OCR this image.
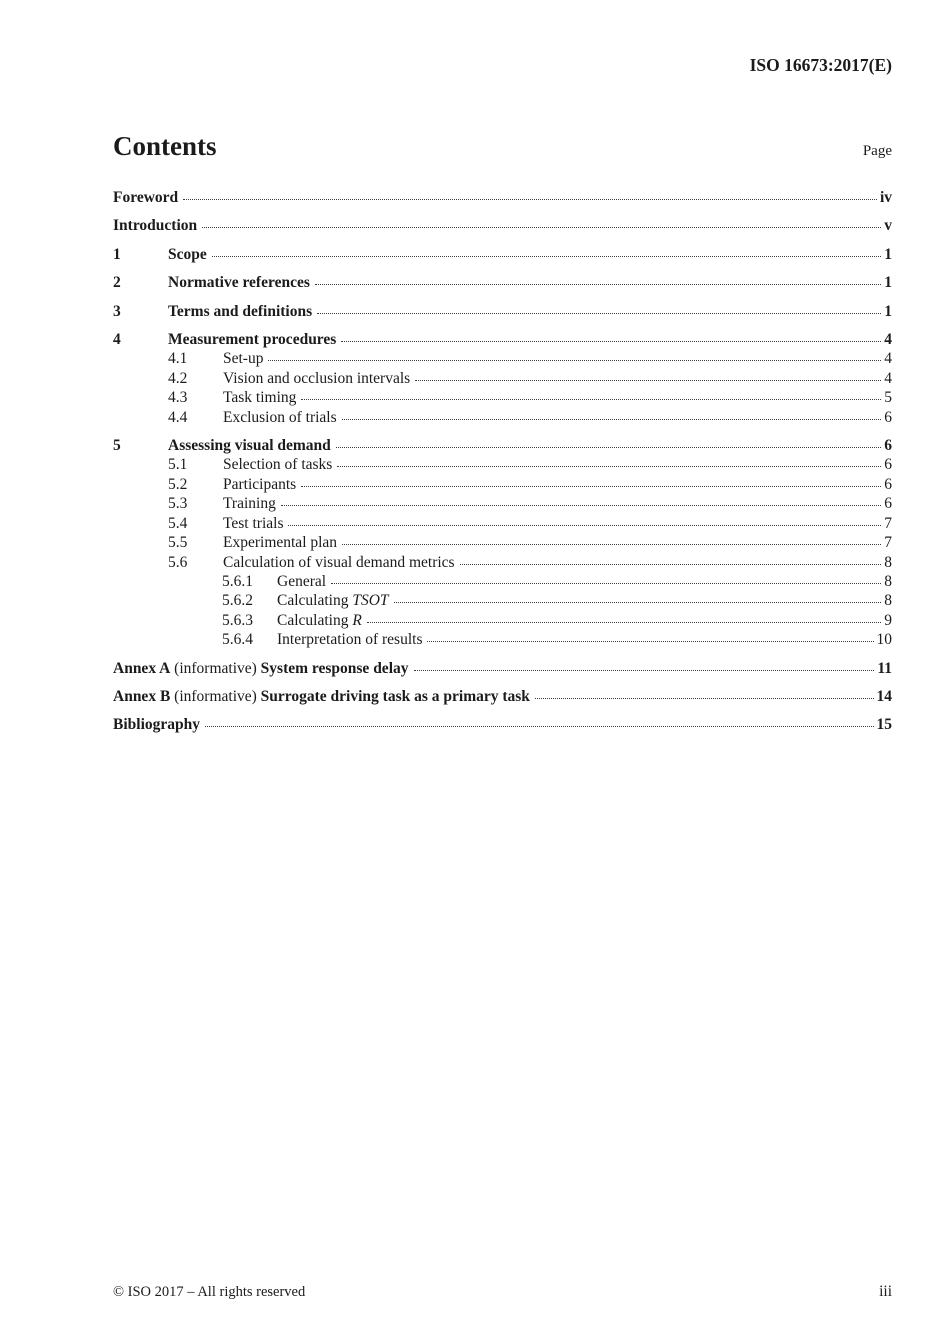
ISO 16673:2017(E)
Contents	Page
Foreword	iv
Introduction	v
1	Scope	1
2	Normative references	1
3	Terms and definitions	1
4	Measurement procedures	4
4.1	Set-up	4
4.2	Vision and occlusion intervals	4
4.3	Task timing	5
4.4	Exclusion of trials	6
5	Assessing visual demand	6
5.1	Selection of tasks	6
5.2	Participants	6
5.3	Training	6
5.4	Test trials	7
5.5	Experimental plan	7
5.6	Calculation of visual demand metrics	8
5.6.1	General	8
5.6.2	Calculating TSOT	8
5.6.3	Calculating R	9
5.6.4	Interpretation of results	10
Annex A (informative) System response delay	11
Annex B (informative) Surrogate driving task as a primary task	14
Bibliography	15
© ISO 2017 – All rights reserved	iii
